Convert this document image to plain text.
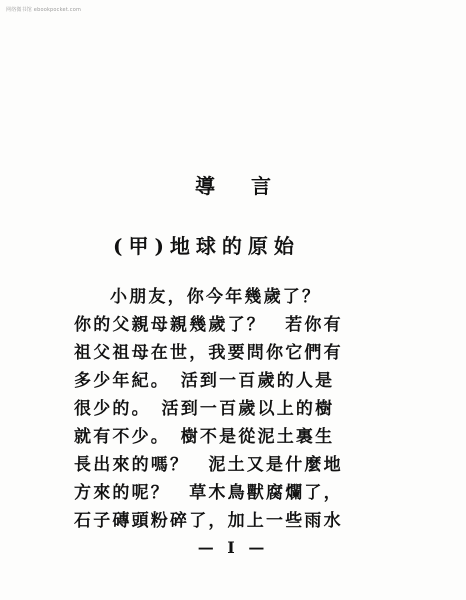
网络微书馆 ebookpocket.com
導言
(甲)地球的原始
小朋友，你今年幾歲了？
你的父親母親幾歲了？　若你有
祖父祖母在世，我要問你它們有
多少年紀。　活到一百歲的人是
很少的。　活到一百歲以上的樹
就有不少。　樹不是從泥土裏生
長出來的嗎？　泥土又是什麼地
方來的呢？　草木鳥獸腐爛了，
石子磚頭粉碎了，加上一些雨水
— I —
